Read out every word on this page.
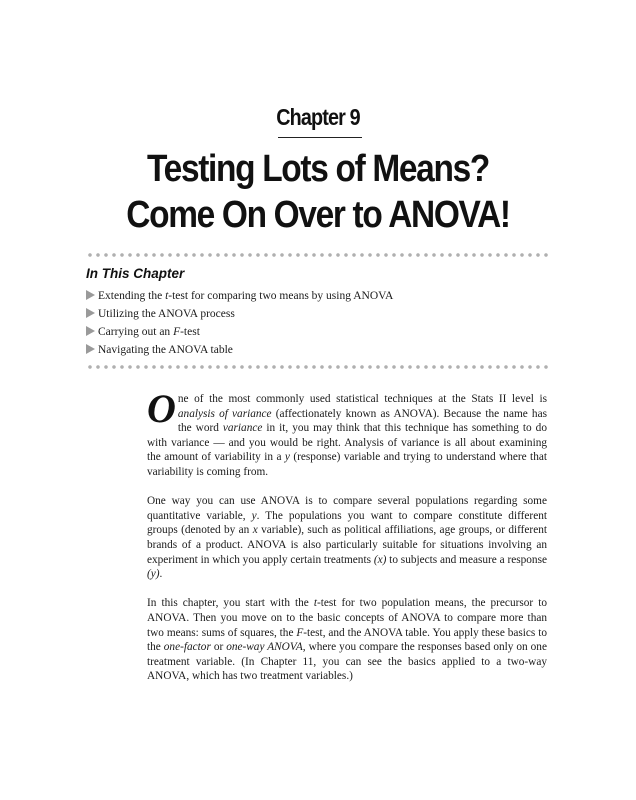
Chapter 9
Testing Lots of Means?
Come On Over to ANOVA!
In This Chapter
Extending the t-test for comparing two means by using ANOVA
Utilizing the ANOVA process
Carrying out an F-test
Navigating the ANOVA table

One of the most commonly used statistical techniques at the Stats II level is analysis of variance (affectionately known as ANOVA). Because the name has the word variance in it, you may think that this technique has something to do with variance — and you would be right. Analysis of variance is all about examining the amount of variability in a y (response) variable and trying to understand where that variability is coming from.

One way you can use ANOVA is to compare several populations regarding some quantitative variable, y. The populations you want to compare constitute different groups (denoted by an x variable), such as political affiliations, age groups, or different brands of a product. ANOVA is also particularly suitable for situations involving an experiment in which you apply certain treatments (x) to subjects and measure a response (y).

In this chapter, you start with the t-test for two population means, the precursor to ANOVA. Then you move on to the basic concepts of ANOVA to compare more than two means: sums of squares, the F-test, and the ANOVA table. You apply these basics to the one-factor or one-way ANOVA, where you compare the responses based only on one treatment variable. (In Chapter 11, you can see the basics applied to a two-way ANOVA, which has two treatment variables.)
